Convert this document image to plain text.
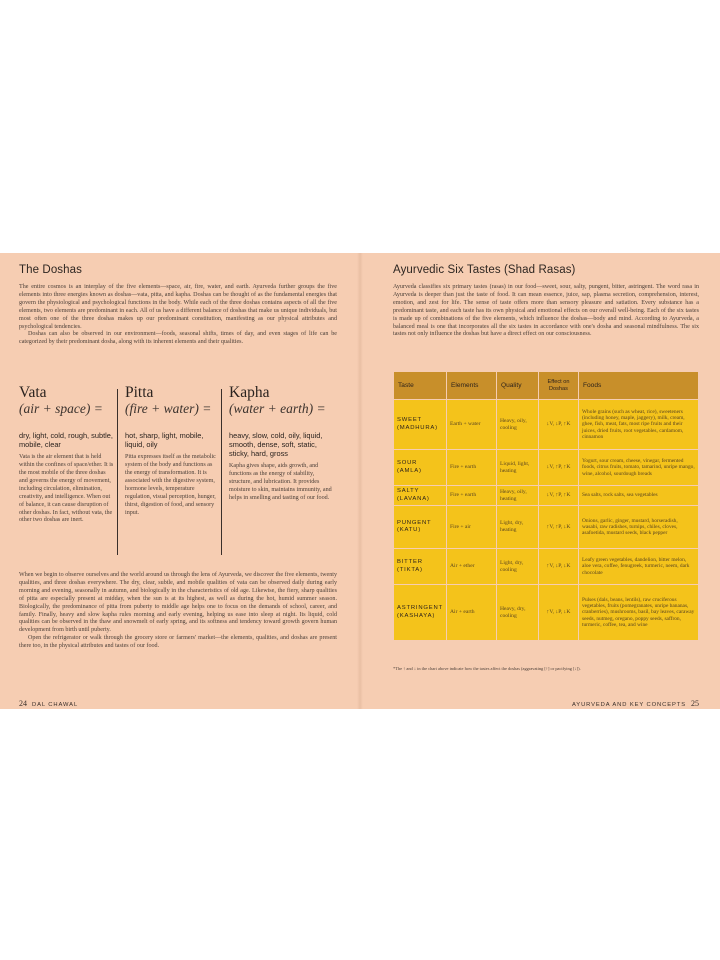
The Doshas

The entire cosmos is an interplay of the five elements—space, air, fire, water, and earth. Ayurveda further groups the five elements into three energies known as doshas—vata, pitta, and kapha. Doshas can be thought of as the fundamental energies that govern the physiological and psychological functions in the body. While each of the three doshas contains aspects of all the five elements, two elements are predominant in each. All of us have a different balance of doshas that make us unique individuals, but most often one of the three doshas makes up our predominant constitution, manifesting as our physical attributes and psychological tendencies.

Doshas can also be observed in our environment—foods, seasonal shifts, times of day, and even stages of life can be categorized by their predominant dosha, along with its inherent elements and their qualities.

Vata
(air + space) =
dry, light, cold, rough, subtle, mobile, clear
Vata is the air element that is held within the confines of space/ether. It is the most mobile of the three doshas and governs the energy of movement, including circulation, elimination, creativity, and intelligence. When out of balance, it can cause disruption of other doshas. In fact, without vata, the other two doshas are inert.
Pitta
(fire + water) =
hot, sharp, light, mobile, liquid, oily
Pitta expresses itself as the metabolic system of the body and functions as the energy of transformation. It is associated with the digestive system, hormone levels, temperature regulation, visual perception, hunger, thirst, digestion of food, and sensory input.
Kapha
(water + earth) =
heavy, slow, cold, oily, liquid, smooth, dense, soft, static, sticky, hard, gross
Kapha gives shape, aids growth, and functions as the energy of stability, structure, and lubrication. It provides moisture to skin, maintains immunity, and helps in smelling and tasting of our food.

When we begin to observe ourselves and the world around us through the lens of Ayurveda, we discover the five elements, twenty qualities, and three doshas everywhere. The dry, clear, subtle, and mobile qualities of vata can be observed daily during early morning and evening, seasonally in autumn, and biologically in the characteristics of old age. Likewise, the fiery, sharp qualities of pitta are especially present at midday, when the sun is at its highest, as well as during the hot, humid summer season. Biologically, the predominance of pitta from puberty to middle age helps one to focus on the demands of school, career, and family. Finally, heavy and slow kapha rules morning and early evening, helping us ease into sleep at night. Its liquid, cold qualities can be observed in the thaw and snowmelt of early spring, and its softness and tendency toward growth govern human development from birth until puberty.

Open the refrigerator or walk through the grocery store or farmers' market—the elements, qualities, and doshas are present there too, in the physical attributes and tastes of our food.

24 DAL CHAWAL
Ayurvedic Six Tastes (Shad Rasas)

Ayurveda classifies six primary tastes (rasas) in our food—sweet, sour, salty, pungent, bitter, astringent. The word rasa in Ayurveda is deeper than just the taste of food. It can mean essence, juice, sap, plasma secretion, comprehension, interest, emotion, and zest for life. The sense of taste offers more than sensory pleasure and satiation. Every substance has a predominant taste, and each taste has its own physical and emotional effects on our overall well-being. Each of the six tastes is made up of combinations of the five elements, which influence the doshas—body and mind. According to Ayurveda, a balanced meal is one that incorporates all the six tastes in accordance with one's dosha and seasonal mindfulness. The six tastes not only influence the doshas but have a direct effect on our consciousness.

Taste	Elements	Quality	Effect on Doshas	Foods

SWEET
(MADHURA)	Earth + water	Heavy, oily, cooling	↓V, ↓P, ↑K	Whole grains (such as wheat, rice), sweeteners (including honey, maple, jaggery), milk, cream, ghee, fish, meat, fats, most ripe fruits and their juices, dried fruits, root vegetables, cardamom, cinnamon

SOUR
(AMLA)	Fire + earth	Liquid, light, heating	↓V, ↑P, ↑K	Yogurt, sour cream, cheese, vinegar, fermented foods, citrus fruits, tomato, tamarind, unripe mango, wine, alcohol, sourdough breads

SALTY
(LAVANA)	Fire + earth	Heavy, oily, heating	↓V, ↑P, ↑K	Sea salts, rock salts, sea vegetables

PUNGENT
(KATU)	Fire + air	Light, dry, heating	↑V, ↑P, ↓K	Onions, garlic, ginger, mustard, horseradish, wasabi, raw radishes, turnips, chiles, cloves, asafoetida, mustard seeds, black pepper

BITTER
(TIKTA)	Air + ether	Light, dry, cooling	↑V, ↓P, ↓K	Leafy green vegetables, dandelion, bitter melon, aloe vera, coffee, fenugreek, turmeric, neem, dark chocolate

ASTRINGENT
(KASHAYA)	Air + earth	Heavy, dry, cooling	↑V, ↓P, ↓K	Pulses (dals, beans, lentils), raw cruciferous vegetables, fruits (pomegranates, unripe bananas, cranberries), mushrooms, basil, bay leaves, caraway seeds, nutmeg, oregano, poppy seeds, saffron, turmeric, coffee, tea, and wine
*The ↑ and ↓ in the chart above indicate how the tastes affect the doshas (aggravating [↑] or pacifying [↓]).
AYURVEDA AND KEY CONCEPTS 25
